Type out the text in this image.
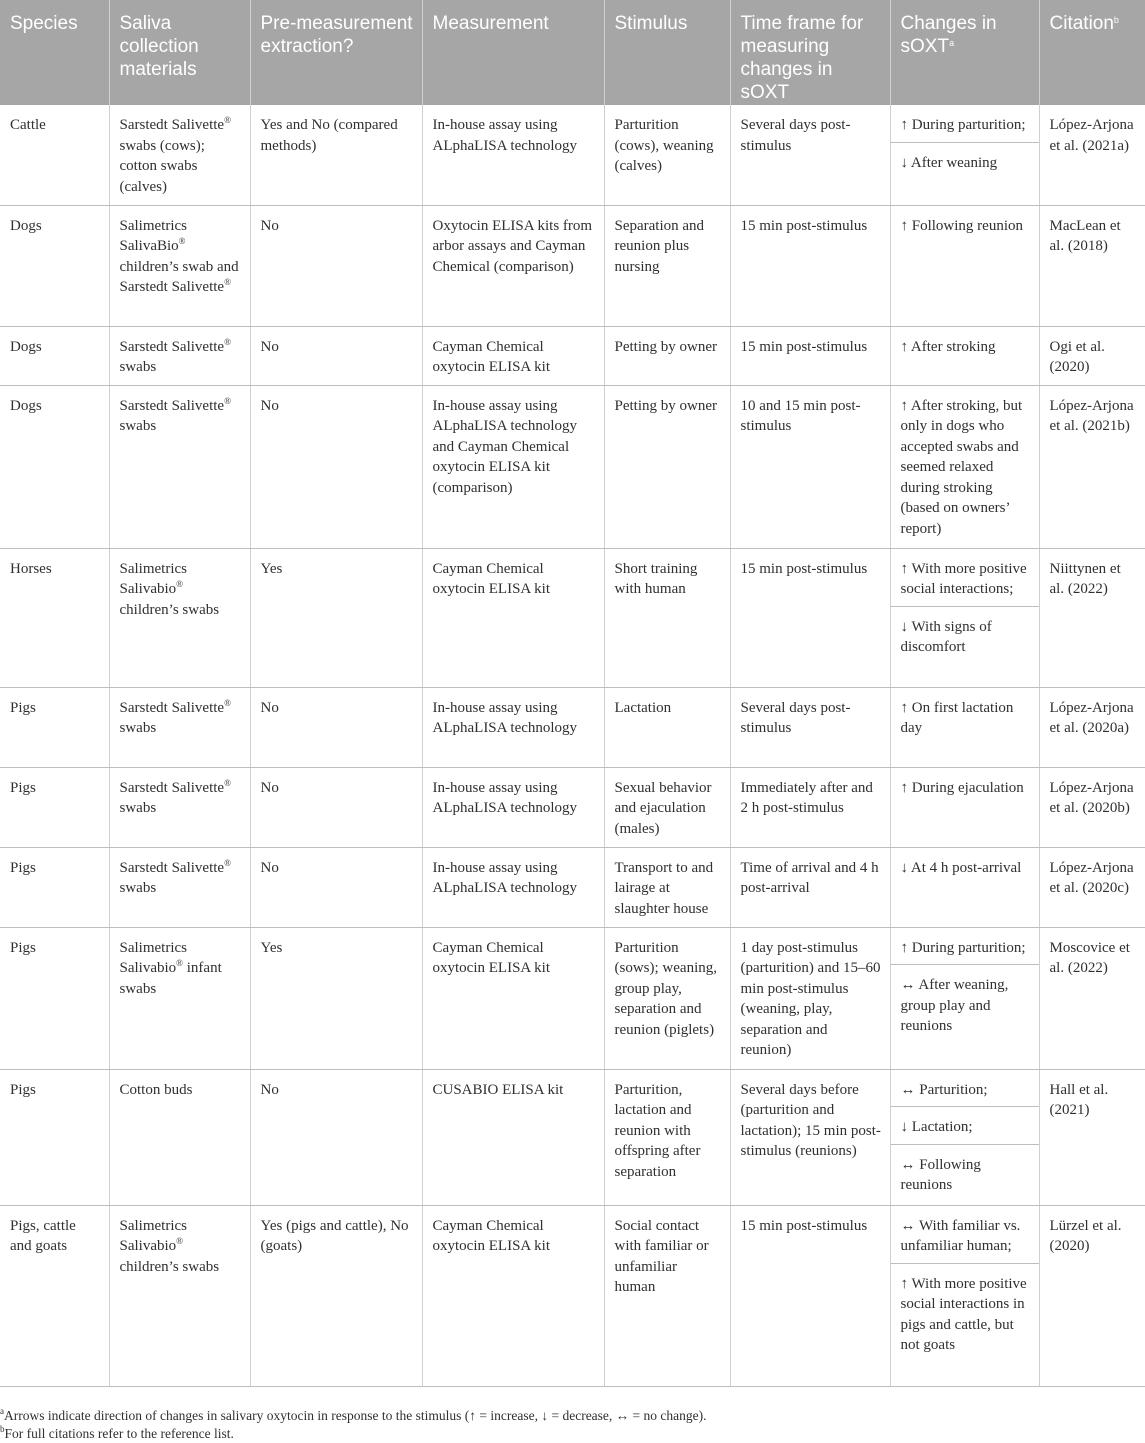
Species	Saliva collection materials	Pre-measurement extraction?	Measurement	Stimulus	Time frame for measuring changes in sOXT	Changes in sOXT$^a$	Citation$^b$
Cattle	Sarstedt Salivette® swabs (cows); cotton swabs (calves)	Yes and No (compared methods)	In-house assay using ALphaLISA technology	Parturition (cows), weaning (calves)	Several days post-stimulus	↑ During parturition;
↓ After weaning	López-Arjona et al. (2021a)
Dogs	Salimetrics SalivaBio® children’s swab and Sarstedt Salivette®	No	Oxytocin ELISA kits from arbor assays and Cayman Chemical (comparison)	Separation and reunion plus nursing	15 min post-stimulus	↑ Following reunion	MacLean et al. (2018)
Dogs	Sarstedt Salivette® swabs	No	Cayman Chemical oxytocin ELISA kit	Petting by owner	15 min post-stimulus	↑ After stroking	Ogi et al. (2020)
Dogs	Sarstedt Salivette® swabs	No	In-house assay using ALphaLISA technology and Cayman Chemical oxytocin ELISA kit (comparison)	Petting by owner	10 and 15 min post-stimulus	↑ After stroking, but only in dogs who accepted swabs and seemed relaxed during stroking (based on owners’ report)	López-Arjona et al. (2021b)
Horses	Salimetrics Salivabio® children’s swabs	Yes	Cayman Chemical oxytocin ELISA kit	Short training with human	15 min post-stimulus	↑ With more positive social interactions;
↓ With signs of discomfort	Niittynen et al. (2022)
Pigs	Sarstedt Salivette® swabs	No	In-house assay using ALphaLISA technology	Lactation	Several days post-stimulus	↑ On first lactation day	López-Arjona et al. (2020a)
Pigs	Sarstedt Salivette® swabs	No	In-house assay using ALphaLISA technology	Sexual behavior and ejaculation (males)	Immediately after and 2 h post-stimulus	↑ During ejaculation	López-Arjona et al. (2020b)
Pigs	Sarstedt Salivette® swabs	No	In-house assay using ALphaLISA technology	Transport to and lairage at slaughter house	Time of arrival and 4 h post-arrival	↓ At 4 h post-arrival	López-Arjona et al. (2020c)
Pigs	Salimetrics Salivabio® infant swabs	Yes	Cayman Chemical oxytocin ELISA kit	Parturition (sows); weaning, group play, separation and reunion (piglets)	1 day post-stimulus (parturition) and 15–60 min post-stimulus (weaning, play, separation and reunion)	↑ During parturition;
↔ After weaning, group play and reunions	Moscovice et al. (2022)
Pigs	Cotton buds	No	CUSABIO ELISA kit	Parturition, lactation and reunion with offspring after separation	Several days before (parturition and lactation); 15 min post-stimulus (reunions)	↔ Parturition;
↓ Lactation;
↔ Following reunions	Hall et al. (2021)
Pigs, cattle and goats	Salimetrics Salivabio® children’s swabs	Yes (pigs and cattle), No (goats)	Cayman Chemical oxytocin ELISA kit	Social contact with familiar or unfamiliar human	15 min post-stimulus	↔ With familiar vs. unfamiliar human;
↑ With more positive social interactions in pigs and cattle, but not goats	Lürzel et al. (2020)
$^a$Arrows indicate direction of changes in salivary oxytocin in response to the stimulus (↑ = increase, ↓ = decrease, ↔ = no change).
$^b$For full citations refer to the reference list.
